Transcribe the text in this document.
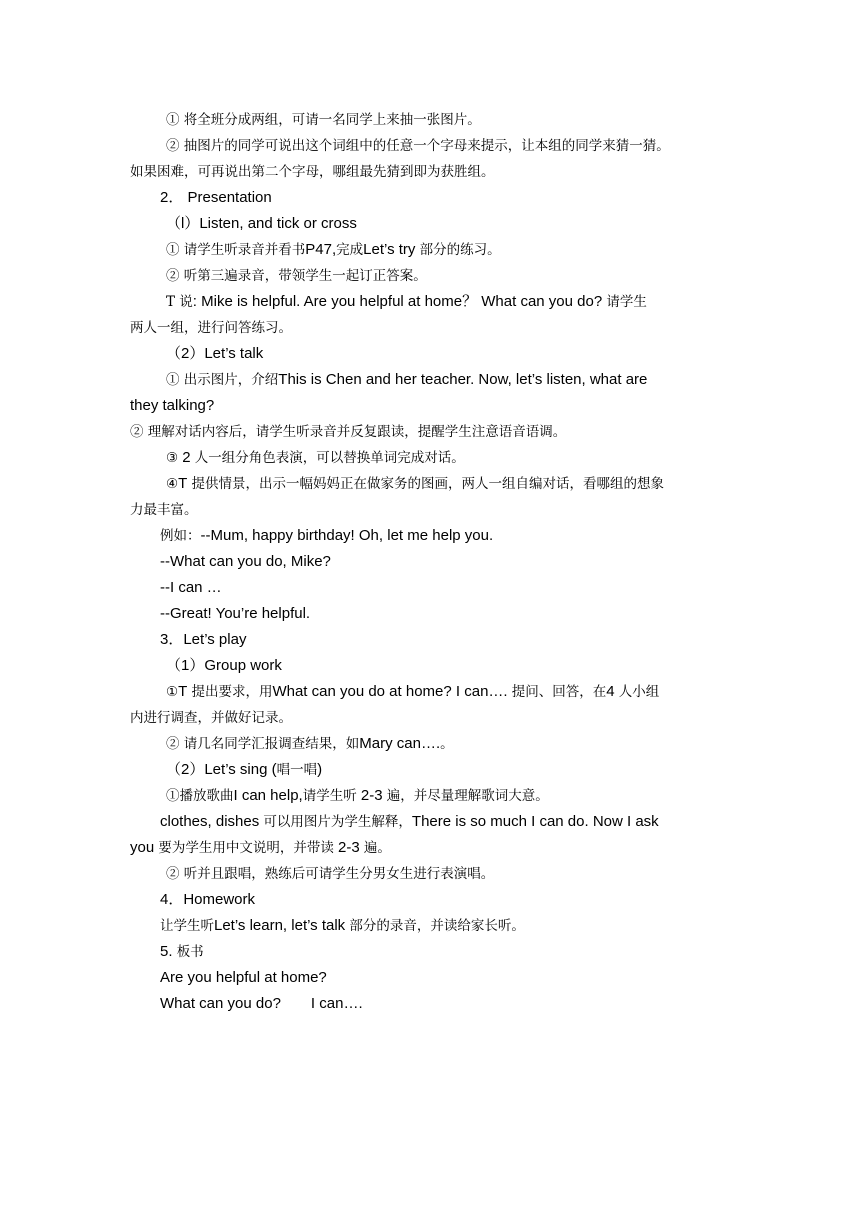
① 将全班分成两组，可请一名同学上来抽一张图片。
② 抽图片的同学可说出这个词组中的任意一个字母来提示，让本组的同学来猜一猜。
如果困难，可再说出第二个字母，哪组最先猜到即为获胜组。
2． Presentation
（l）Listen, and tick or cross
① 请学生听录音并看书P47,完成Let’s try 部分的练习。
② 听第三遍录音，带领学生一起订正答案。
T 说: Mike is helpful. Are you helpful at home？ What can you do? 请学生
两人一组，进行问答练习。
（2）Let’s talk
① 出示图片，介绍This is Chen and her teacher. Now, let’s listen, what are
they talking?
② 理解对话内容后，请学生听录音并反复跟读，提醒学生注意语音语调。
③ 2 人一组分角色表演，可以替换单词完成对话。
④T 提供情景，出示一幅妈妈正在做家务的图画，两人一组自编对话，看哪组的想象
力最丰富。
例如：--Mum, happy birthday! Oh, let me help you.
--What can you do, Mike?
--I can …
--Great! You’re helpful.
3．Let’s play
（1）Group work
①T 提出要求，用What can you do at home? I can…. 提问、回答，在4 人小组
内进行调查，并做好记录。
② 请几名同学汇报调查结果，如Mary can….。
（2）Let’s sing (唱一唱)
①播放歌曲I can help,请学生听 2-3 遍，并尽量理解歌词大意。
clothes, dishes 可以用图片为学生解释，There is so much I can do. Now I ask
you 要为学生用中文说明，并带读 2-3 遍。
② 听并且跟唱，熟练后可请学生分男女生进行表演唱。
4．Homework
让学生听Let’s learn, let’s talk 部分的录音，并读给家长听。
5. 板书
Are you helpful at home?
What can you do? I can….
